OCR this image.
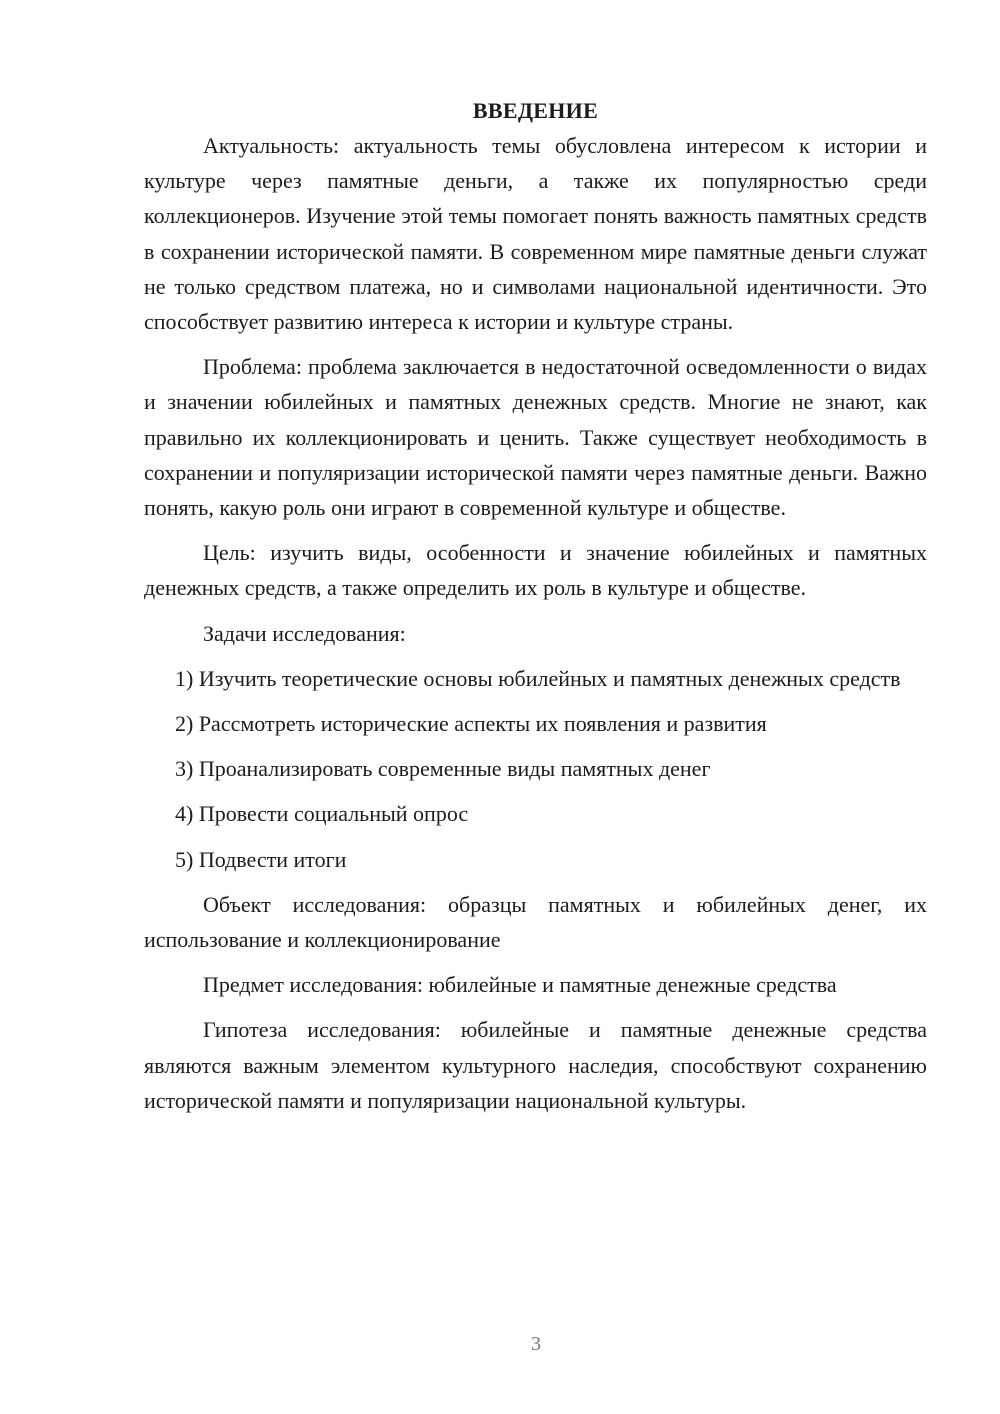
ВВЕДЕНИЕ

Актуальность: актуальность темы обусловлена интересом к истории и культуре через памятные деньги, а также их популярностью среди коллекционеров. Изучение этой темы помогает понять важность памятных средств в сохранении исторической памяти. В современном мире памятные деньги служат не только средством платежа, но и символами национальной идентичности. Это способствует развитию интереса к истории и культуре страны.

Проблема: проблема заключается в недостаточной осведомленности о видах и значении юбилейных и памятных денежных средств. Многие не знают, как правильно их коллекционировать и ценить. Также существует необходимость в сохранении и популяризации исторической памяти через памятные деньги. Важно понять, какую роль они играют в современной культуре и обществе.

Цель: изучить виды, особенности и значение юбилейных и памятных денежных средств, а также определить их роль в культуре и обществе.

Задачи исследования:

1) Изучить теоретические основы юбилейных и памятных денежных средств

2) Рассмотреть исторические аспекты их появления и развития

3) Проанализировать современные виды памятных денег

4) Провести социальный опрос

5) Подвести итоги

Объект исследования: образцы памятных и юбилейных денег, их использование и коллекционирование

Предмет исследования: юбилейные и памятные денежные средства

Гипотеза исследования: юбилейные и памятные денежные средства являются важным элементом культурного наследия, способствуют сохранению исторической памяти и популяризации национальной культуры.

3
